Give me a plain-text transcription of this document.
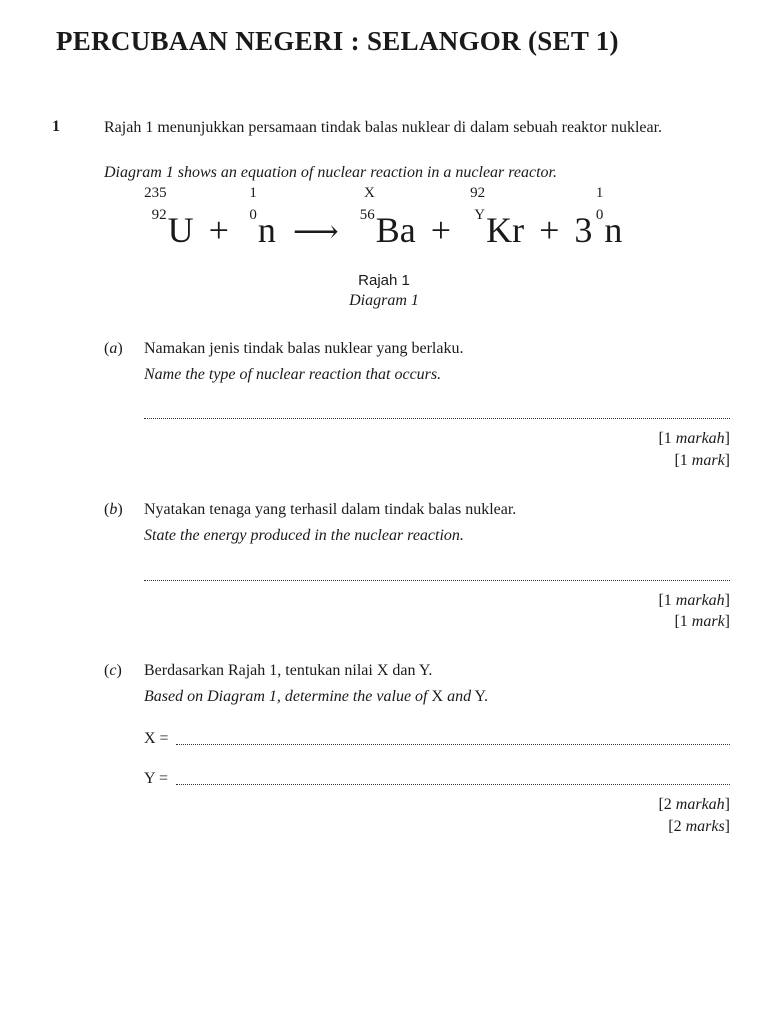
PERCUBAAN NEGERI : SELANGOR (SET 1)
1	Rajah 1 menunjukkan persamaan tindak balas nuklear di dalam sebuah reaktor nuklear.
Diagram 1 shows an equation of nuclear reaction in a nuclear reactor.
235
92 U +
1
0 n ⟶
X
56 Ba +
92
Y Kr + 3
1
0 n
Rajah 1
Diagram 1
(a) Namakan jenis tindak balas nuklear yang berlaku.
Name the type of nuclear reaction that occurs.
[1 markah]
[1 mark]
(b) Nyatakan tenaga yang terhasil dalam tindak balas nuklear.
State the energy produced in the nuclear reaction.
[1 markah]
[1 mark]
(c) Berdasarkan Rajah 1, tentukan nilai X dan Y.
Based on Diagram 1, determine the value of X and Y.
X =
Y =
[2 markah]
[2 marks]
